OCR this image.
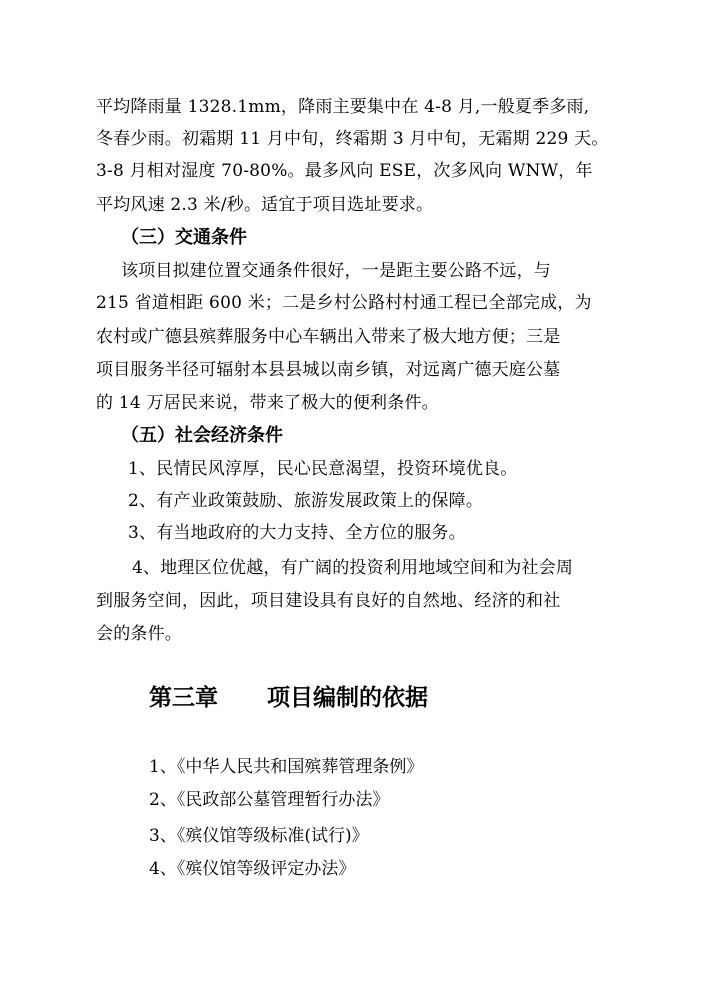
平均降雨量 1328.1mm，降雨主要集中在 4-8 月,一般夏季多雨,
冬春少雨。初霜期 11 月中旬，终霜期 3 月中旬，无霜期 229 天。
3-8 月相对湿度 70-80%。最多风向 ESE，次多风向 WNW，年
平均风速 2.3 米/秒。适宜于项目选址要求。
（三）交通条件
该项目拟建位置交通条件很好，一是距主要公路不远，与
215 省道相距 600 米；二是乡村公路村村通工程已全部完成，为
农村或广德县殡葬服务中心车辆出入带来了极大地方便；三是
项目服务半径可辐射本县县城以南乡镇，对远离广德天庭公墓
的 14 万居民来说，带来了极大的便利条件。
（五）社会经济条件
1、民情民风淳厚，民心民意渴望，投资环境优良。
2、有产业政策鼓励、旅游发展政策上的保障。
3、有当地政府的大力支持、全方位的服务。
4、地理区位优越，有广阔的投资利用地域空间和为社会周
到服务空间，因此，项目建设具有良好的自然地、经济的和社
会的条件。
第三章 项目编制的依据
1、《中华人民共和国殡葬管理条例》
2、《民政部公墓管理暂行办法》
3、《殡仪馆等级标准(试行)》
4、《殡仪馆等级评定办法》
